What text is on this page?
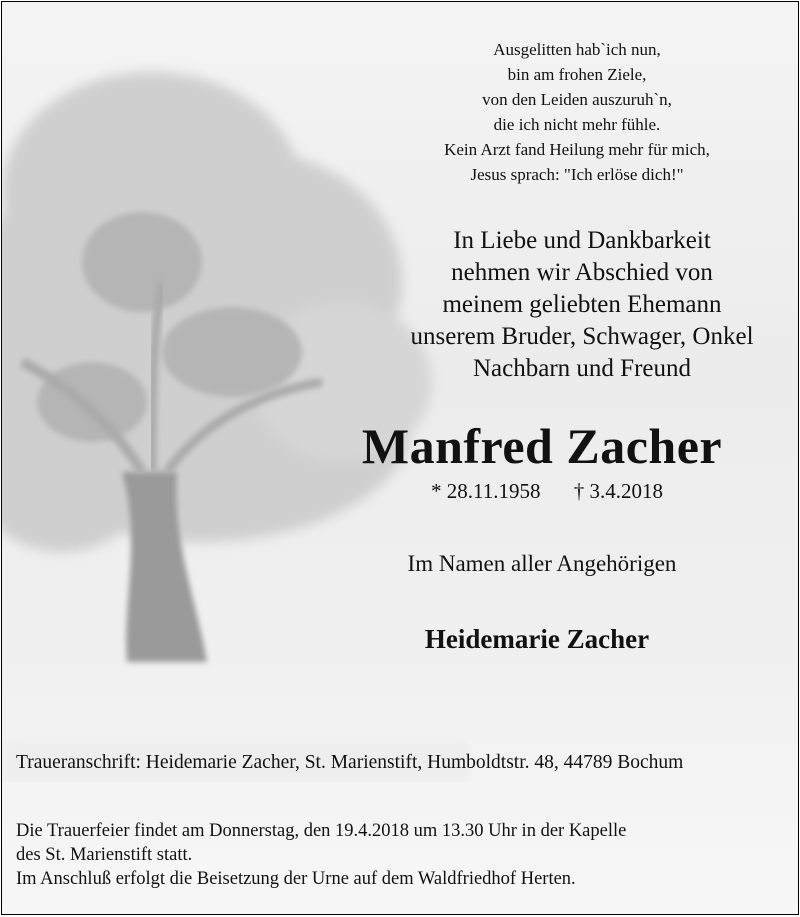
Ausgelitten hab`ich nun,
bin am frohen Ziele,
von den Leiden auszuruh`n,
die ich nicht mehr fühle.
Kein Arzt fand Heilung mehr für mich,
Jesus sprach: "Ich erlöse dich!"
In Liebe und Dankbarkeit
nehmen wir Abschied von
meinem geliebten Ehemann
unserem Bruder, Schwager, Onkel
Nachbarn und Freund
Manfred Zacher
* 28.11.1958 † 3.4.2018
Im Namen aller Angehörigen
Heidemarie Zacher
Traueranschrift: Heidemarie Zacher, St. Marienstift, Humboldtstr. 48, 44789 Bochum
Die Trauerfeier findet am Donnerstag, den 19.4.2018 um 13.30 Uhr in der Kapelle
des St. Marienstift statt.
Im Anschluß erfolgt die Beisetzung der Urne auf dem Waldfriedhof Herten.
